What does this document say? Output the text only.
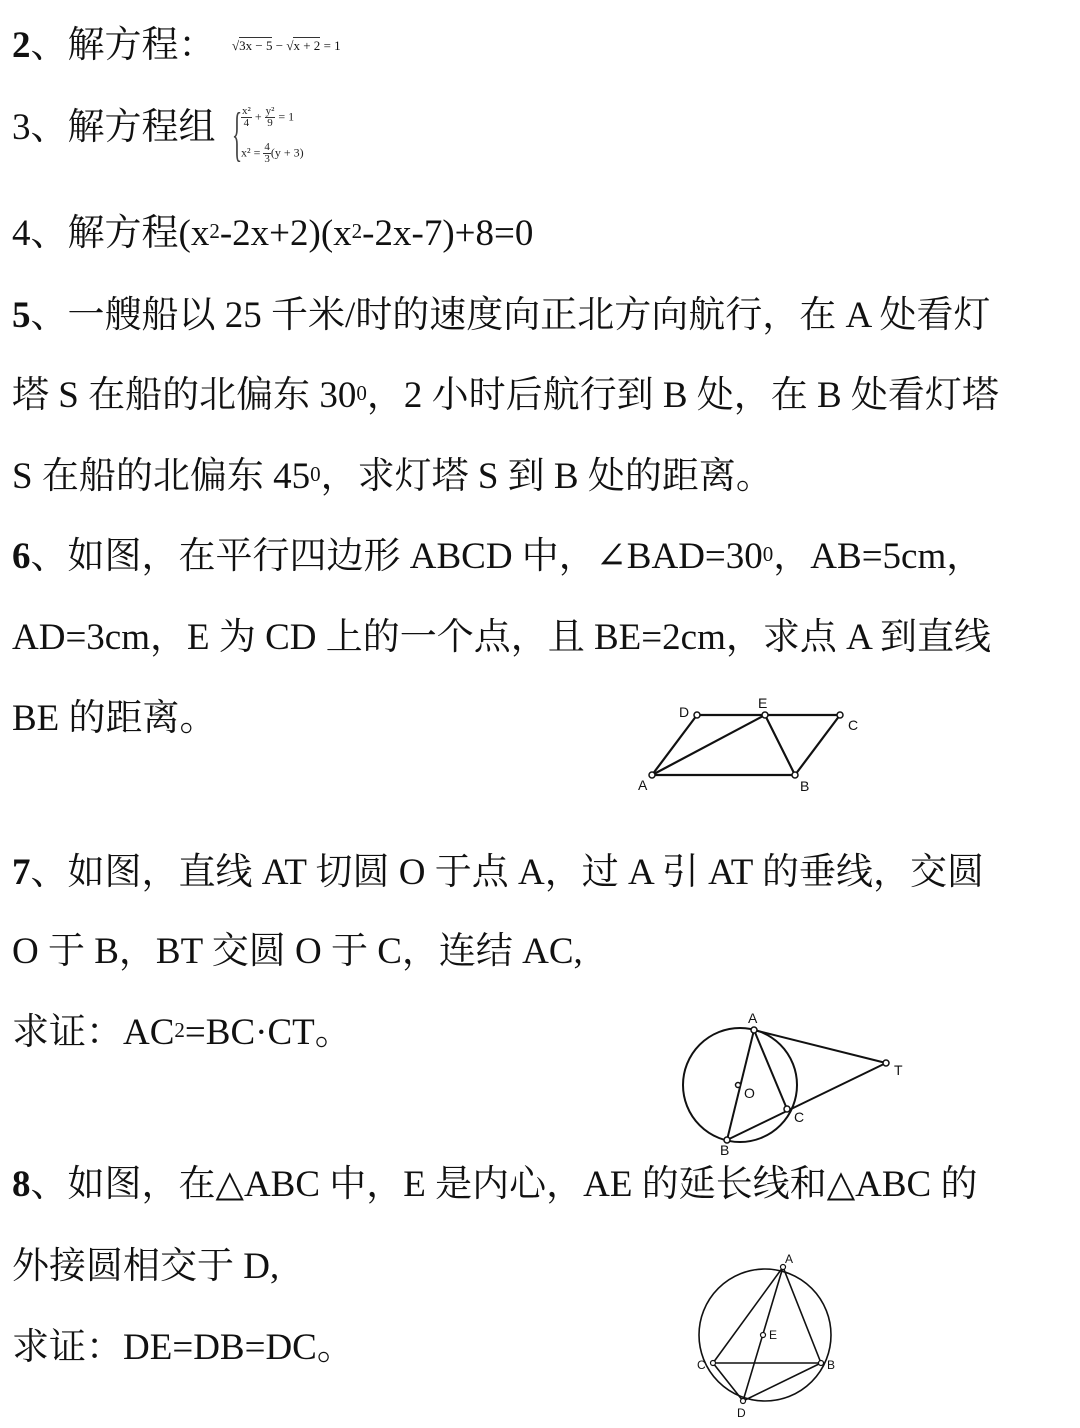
2、解方程： √3x − 5 − √x + 2 = 1
3、解方程组 {
$\frac{\text{x²}}{4} + \frac{\text{y²}}{9} = 1$
$x^2 = \frac{4}{3} (y + 3)$
4、解方程$(x^2-2x+2)(x^2-2x-7)+8=0$
5、一艘船以 25 千米/时的速度向正北方向航行，在 A 处看灯
塔 S 在船的北偏东 $30^0$，2 小时后航行到 B 处，在 B 处看灯塔
S 在船的北偏东 $45^0$，求灯塔 S 到 B 处的距离。
6、如图，在平行四边形 ABCD 中，$\angle BAD=30^0$，AB=5cm，
AD=3cm，E 为 CD 上的一个点，且 BE=2cm，求点 A 到直线
BE 的距离。	D
E
C
A	B
7、如图，直线 AT 切圆 O 于点 A，过 A 引 AT 的垂线，交圆
O 于 B，BT 交圆 O 于 C，连结 AC,
求证：$AC^2=BC\cdot CT$。	A
O
T
C
B
8、如图，在△ABC 中，E 是内心，AE 的延长线和△ABC 的
外接圆相交于 D,
求证：DE=DB=DC。
A
E
C	B
D
